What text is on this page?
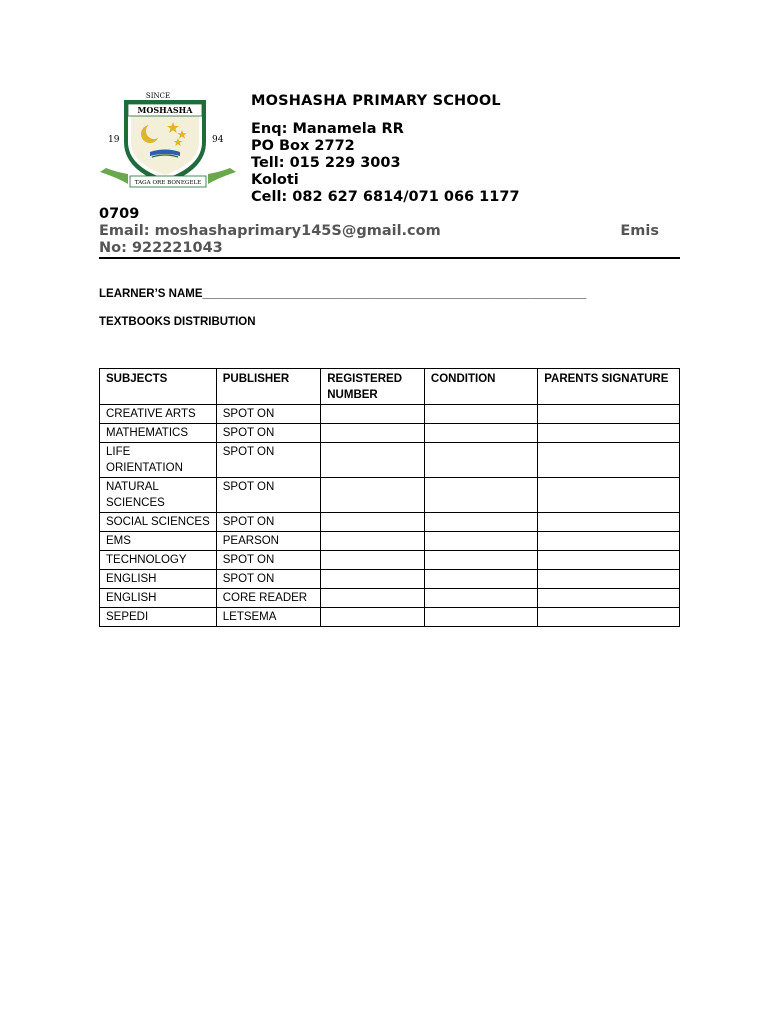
SINCE
MOSHASHA
19	94
TAGA ORE BONEGELE
MOSHASHA PRIMARY SCHOOL
Enq: Manamela RR
PO Box 2772
Tell: 015 229 3003
Koloti
Cell: 082 627 6814/071 066 1177
0709
Email: moshashaprimary145S@gmail.com	Emis
No: 922221043
LEARNER’S NAME____________________________________________________________
TEXTBOOKS DISTRIBUTION
SUBJECTS	PUBLISHER	REGISTERED NUMBER	CONDITION	PARENTS SIGNATURE
CREATIVE ARTS	SPOT ON			
MATHEMATICS	SPOT ON			
LIFE ORIENTATION	SPOT ON			
NATURAL SCIENCES	SPOT ON			
SOCIAL SCIENCES	SPOT ON			
EMS	PEARSON			
TECHNOLOGY	SPOT ON			
ENGLISH	SPOT ON			
ENGLISH	CORE READER			
SEPEDI	LETSEMA			
